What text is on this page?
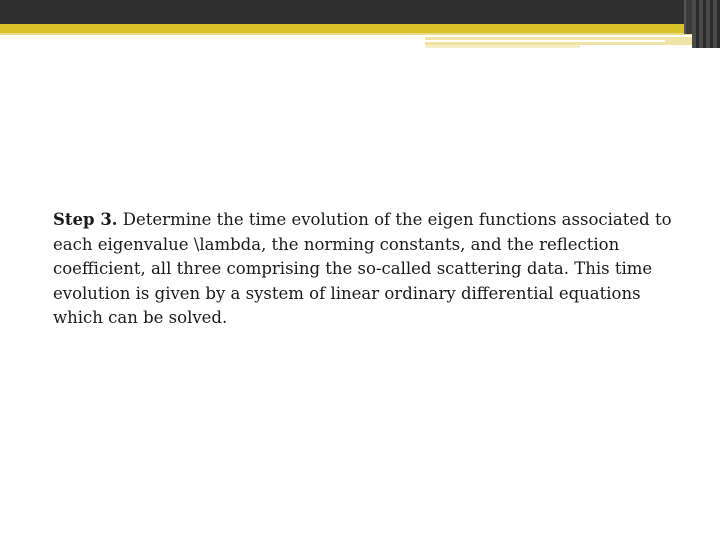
Step 3. Determine the time evolution of the eigen functions associated to each eigenvalue \lambda, the norming constants, and the reflection coefficient, all three comprising the so-called scattering data. This time evolution is given by a system of linear ordinary differential equations which can be solved.
